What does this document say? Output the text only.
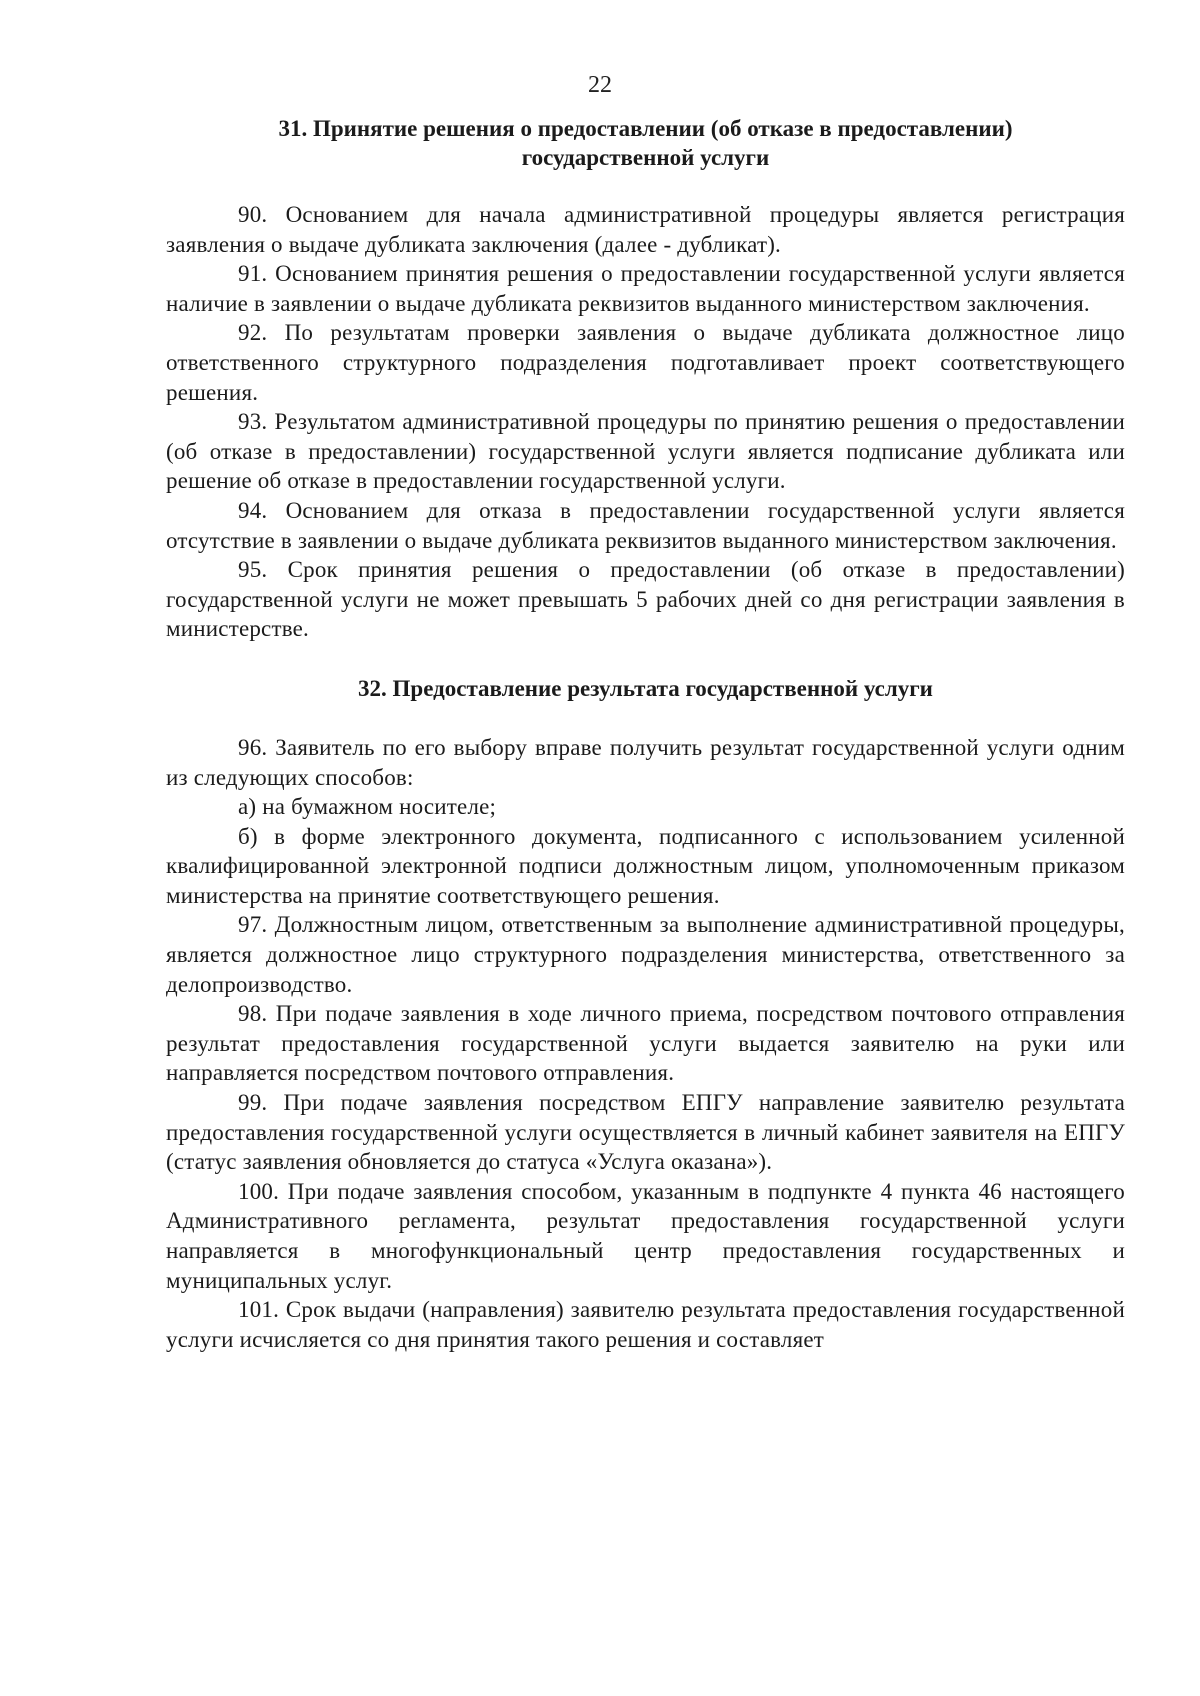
22
31. Принятие решения о предоставлении (об отказе в предоставлении)
государственной услуги

90. Основанием для начала административной процедуры является регистрация заявления о выдаче дубликата заключения (далее - дубликат).

91. Основанием принятия решения о предоставлении государственной услуги является наличие в заявлении о выдаче дубликата реквизитов выданного министерством заключения.

92. По результатам проверки заявления о выдаче дубликата должностное лицо ответственного структурного подразделения подготавливает проект соответствующего решения.

93. Результатом административной процедуры по принятию решения о предоставлении (об отказе в предоставлении) государственной услуги является подписание дубликата или решение об отказе в предоставлении государственной услуги.

94. Основанием для отказа в предоставлении государственной услуги является отсутствие в заявлении о выдаче дубликата реквизитов выданного министерством заключения.

95. Срок принятия решения о предоставлении (об отказе в предоставлении) государственной услуги не может превышать 5 рабочих дней со дня регистрации заявления в министерстве.

32. Предоставление результата государственной услуги

96. Заявитель по его выбору вправе получить результат государственной услуги одним из следующих способов:

а) на бумажном носителе;

б) в форме электронного документа, подписанного с использованием усиленной квалифицированной электронной подписи должностным лицом, уполномоченным приказом министерства на принятие соответствующего решения.

97. Должностным лицом, ответственным за выполнение административной процедуры, является должностное лицо структурного подразделения министерства, ответственного за делопроизводство.

98. При подаче заявления в ходе личного приема, посредством почтового отправления результат предоставления государственной услуги выдается заявителю на руки или направляется посредством почтового отправления.

99. При подаче заявления посредством ЕПГУ направление заявителю результата предоставления государственной услуги осуществляется в личный кабинет заявителя на ЕПГУ (статус заявления обновляется до статуса «Услуга оказана»).

100. При подаче заявления способом, указанным в подпункте 4 пункта 46 настоящего Административного регламента, результат предоставления государственной услуги направляется в многофункциональный центр предоставления государственных и муниципальных услуг.

101. Срок выдачи (направления) заявителю результата предоставления государственной услуги исчисляется со дня принятия такого решения и составляет
